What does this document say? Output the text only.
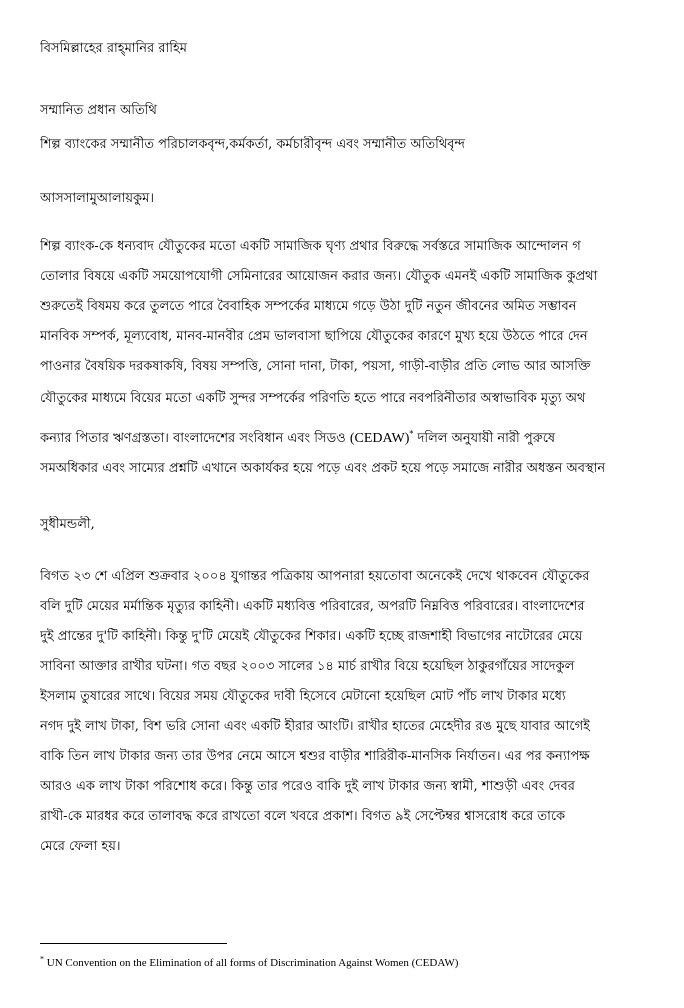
বিসমিল্লাহের রাহ্‌মানির রাহিম
সম্মানিত প্রধান অতিথি
শিল্প ব্যাংকের সম্মানীত পরিচালকবৃন্দ,কর্মকর্তা, কর্মচারীবৃন্দ এবং সম্মানীত অতিথিবৃন্দ
আসসালামুআলায়কুম।
শিল্প ব্যাংক-কে ধন্যবাদ যৌতুকের মতো একটি সামাজিক ঘৃণ্য প্রথার বিরুদ্ধে সর্বস্তরে সামাজিক আন্দোলন গ
তোলার বিষয়ে একটি সময়োপযোগী সেমিনারের আয়োজন করার জন্য। যৌতুক এমনই একটি সামাজিক কুপ্রথা
শুরুতেই বিষময় করে তুলতে পারে বৈবাহিক সম্পর্কের মাধ্যমে গড়ে উঠা দুটি নতুন জীবনের অমিত সম্ভাবন
মানবিক সম্পর্ক, মূল্যবোধ, মানব-মানবীর প্রেম ভালবাসা ছাপিয়ে যৌতুকের কারণে মুখ্য হয়ে উঠতে পারে দেন
পাওনার বৈষয়িক দরকষাকষি, বিষয় সম্পত্তি, সোনা দানা, টাকা, পয়সা, গাড়ী-বাড়ীর প্রতি লোভ আর আসক্তি
যৌতুকের মাধ্যমে বিয়ের মতো একটি সুন্দর সম্পর্কের পরিণতি হতে পারে নবপরিনীতার অস্বাভাবিক মৃত্যু অথ
কন্যার পিতার ঋণগ্রস্ততা। বাংলাদেশের সংবিধান এবং সিডও (CEDAW)* দলিল অনুযায়ী নারী পুরুষে
সমঅধিকার এবং সাম্যের প্রশ্নটি এখানে অকার্যকর হয়ে পড়ে এবং প্রকট হয়ে পড়ে সমাজে নারীর অধস্তন অবস্থান
সুধীমন্ডলী,
বিগত ২৩ শে এপ্রিল শুক্রবার ২০০৪ যুগান্তর পত্রিকায় আপনারা হয়তোবা অনেকেই দেখে থাকবেন যৌতুকের
বলি দুটি মেয়ের মর্মান্তিক মৃত্যুর কাহিনী। একটি মধ্যবিত্ত পরিবারের, অপরটি নিম্নবিত্ত পরিবারের। বাংলাদেশের
দুই প্রান্তের দু'টি কাহিনী। কিন্তু দু'টি মেয়েই যৌতুকের শিকার। একটি হচ্ছে রাজশাহী বিভাগের নাটোরের মেয়ে
সাবিনা আক্তার রাখীর ঘটনা। গত বছর ২০০৩ সালের ১৪ মার্চ রাখীর বিয়ে হয়েছিল ঠাকুরগাঁয়ের সাদেকুল
ইসলাম তুষারের সাথে। বিয়ের সময় যৌতুকের দাবী হিসেবে মেটানো হয়েছিল মোট পাঁচ লাখ টাকার মধ্যে
নগদ দুই লাখ টাকা, বিশ ভরি সোনা এবং একটি হীরার আংটি। রাখীর হাতের মেহেদীর রঙ মুছে যাবার আগেই
বাকি তিন লাখ টাকার জন্য তার উপর নেমে আসে শ্বশুর বাড়ীর শারিরীক-মানসিক নির্যাতন। এর পর কন্যাপক্ষ
আরও এক লাখ টাকা পরিশোধ করে। কিন্তু তার পরেও বাকি দুই লাখ টাকার জন্য স্বামী, শাশুড়ী এবং দেবর
রাখী-কে মারধর করে তালাবদ্ধ করে রাখতো বলে খবরে প্রকাশ। বিগত ৯ই সেপ্টেম্বর শ্বাসরোধ করে তাকে
মেরে ফেলা হয়।
* UN Convention on the Elimination of all forms of Discrimination Against Women (CEDAW)
